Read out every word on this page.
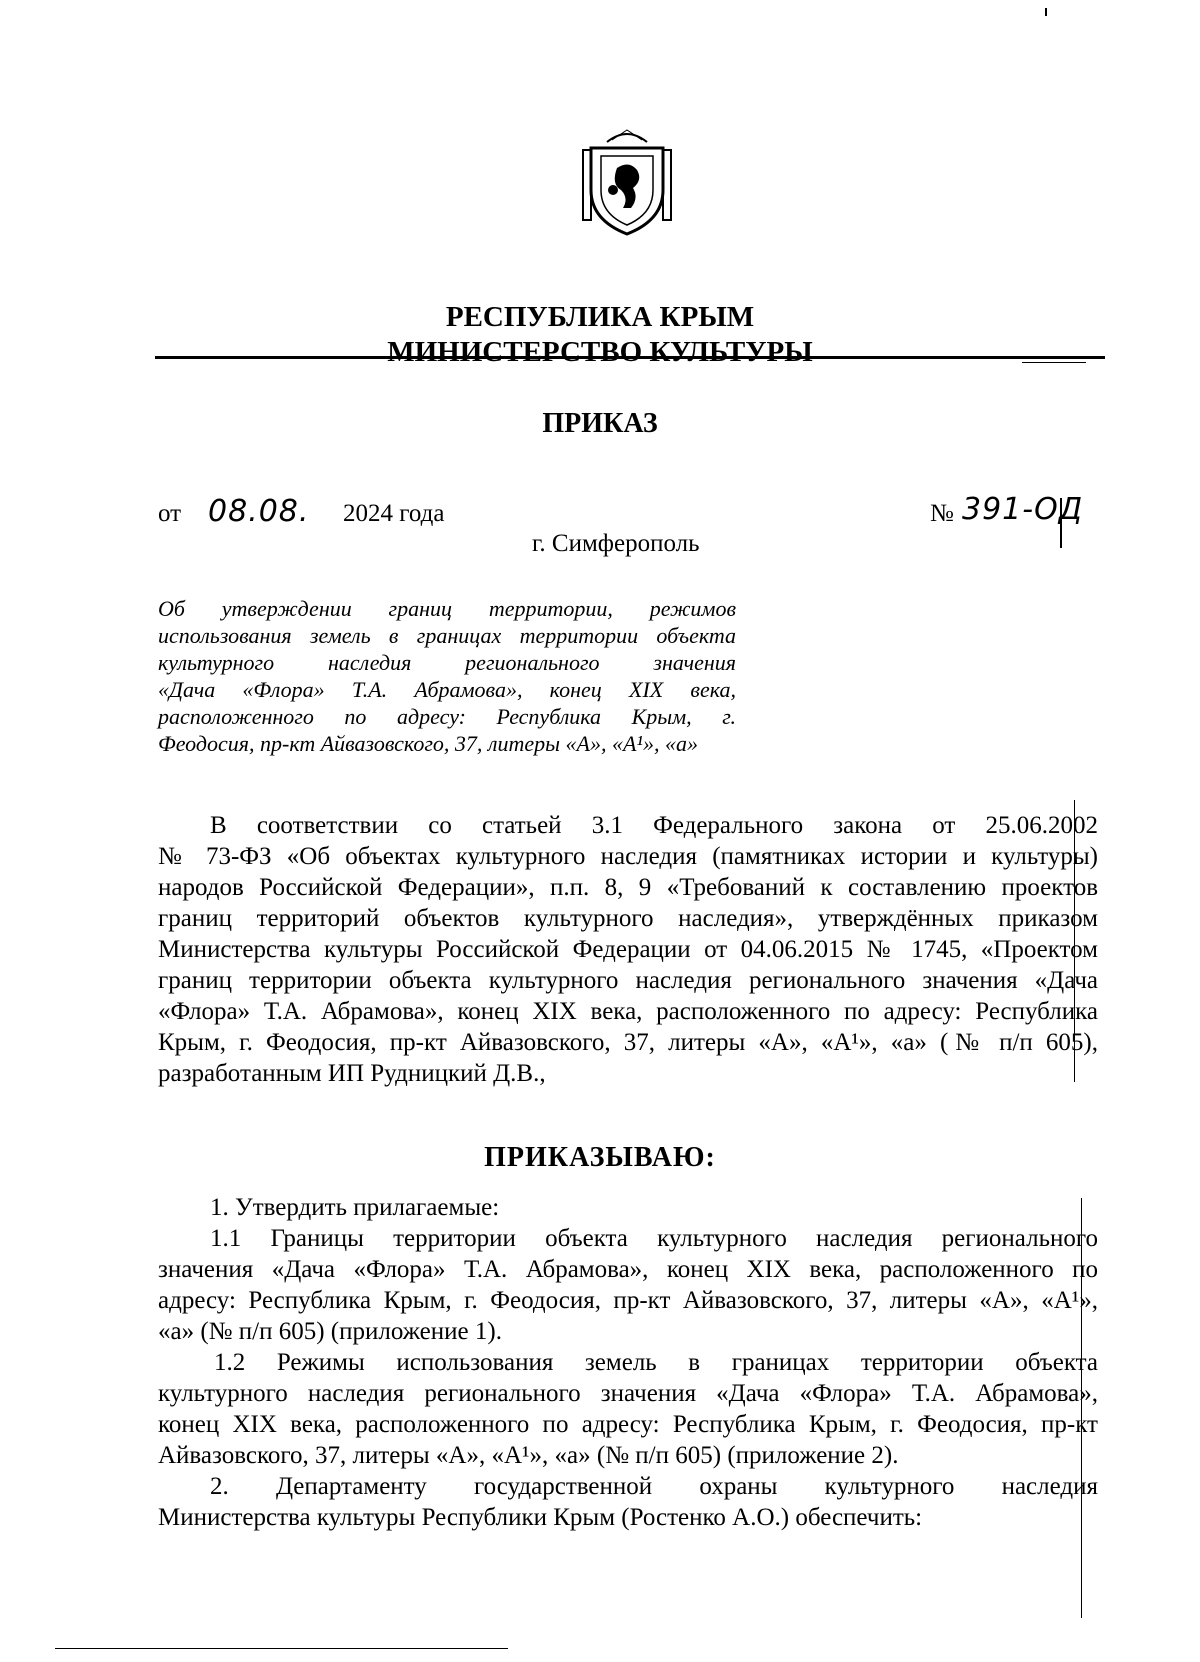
РЕСПУБЛИКА КРЫМ
МИНИСТЕРСТВО КУЛЬТУРЫ
ПРИКАЗ
от 08.08. 2024 года	№ 391-ОД
г. Симферополь
Об утверждении границ территории, режимов
использования земель в границах территории объекта
культурного наследия регионального значения
«Дача «Флора» Т.А. Абрамова», конец XIX века,
расположенного по адресу: Республика Крым, г.
Феодосия, пр-кт Айвазовского, 37, литеры «А», «А¹», «а»
В соответствии со статьей 3.1 Федерального закона от 25.06.2002
№ 73-ФЗ «Об объектах культурного наследия (памятниках истории и культуры)
народов Российской Федерации», п.п. 8, 9 «Требований к составлению проектов
границ территорий объектов культурного наследия», утверждённых приказом
Министерства культуры Российской Федерации от 04.06.2015 № 1745, «Проектом
границ территории объекта культурного наследия регионального значения «Дача
«Флора» Т.А. Абрамова», конец XIX века, расположенного по адресу: Республика
Крым, г. Феодосия, пр-кт Айвазовского, 37, литеры «А», «А¹», «а» (№ п/п 605),
разработанным ИП Рудницкий Д.В.,
ПРИКАЗЫВАЮ:
1. Утвердить прилагаемые:
1.1 Границы территории объекта культурного наследия регионального
значения «Дача «Флора» Т.А. Абрамова», конец XIX века, расположенного по
адресу: Республика Крым, г. Феодосия, пр-кт Айвазовского, 37, литеры «А», «А¹»,
«а» (№ п/п 605) (приложение 1).
1.2 Режимы использования земель в границах территории объекта
культурного наследия регионального значения «Дача «Флора» Т.А. Абрамова»,
конец XIX века, расположенного по адресу: Республика Крым, г. Феодосия, пр-кт
Айвазовского, 37, литеры «А», «А¹», «а» (№ п/п 605) (приложение 2).
2. Департаменту государственной охраны культурного наследия
Министерства культуры Республики Крым (Ростенко А.О.) обеспечить:
